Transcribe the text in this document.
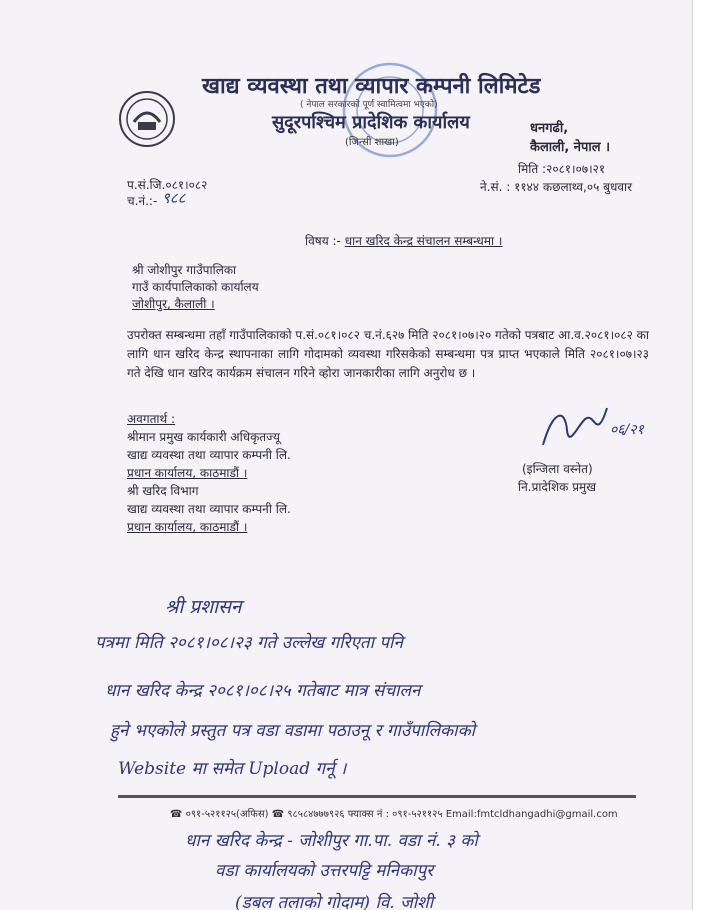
खाद्य व्यवस्था तथा व्यापार कम्पनी लिमिटेड
( नेपाल सरकारको पूर्ण स्वामित्वमा भएको)
सुदूरपश्चिम प्रादेशिक कार्यालय
(जिन्सी शाखा)
धनगढी,
कैलाली, नेपाल ।
मिति :२०८१।०७।२१
ने.सं. : ११४४ कछलाथ्व,०५ बुधवार
प.सं.जि.०८१।०८२
च.नं.:- ९८८
विषय :- धान खरिद केन्द्र संचालन सम्बन्धमा ।
श्री जोशीपुर गाउँपालिका
गाउँ कार्यपालिकाको कार्यालय
जोशीपुर, कैलाली ।
उपरोक्त सम्बन्धमा तहाँ गाउँपालिकाको प.सं.०८१।०८२ च.नं.६२७ मिति २०८१।०७।२० गतेको पत्रबाट आ.व.२०८१।०८२ का लागि धान खरिद केन्द्र स्थापनाका लागि गोदामको व्यवस्था गरिसकेको सम्बन्धमा पत्र प्राप्त भएकाले मिति २०८१।०७।२३ गते देखि धान खरिद कार्यक्रम संचालन गरिने व्होरा जानकारीका लागि अनुरोध छ ।
अवगतार्थ :
श्रीमान प्रमुख कार्यकारी अधिकृतज्यू
खाद्य व्यवस्था तथा व्यापार कम्पनी लि.
प्रधान कार्यालय, काठमाडौं ।
श्री खरिद विभाग
खाद्य व्यवस्था तथा व्यापार कम्पनी लि.
प्रधान कार्यालय, काठमाडौं ।
०६/२१
(इन्जिला वस्नेत)
नि.प्रादेशिक प्रमुख
श्री प्रशासन
पत्रमा मिति २०८१।०८।२३ गते उल्लेख गरिएता पनि
धान खरिद केन्द्र २०८१।०८।२५ गतेबाट मात्र संचालन
हुने भएकोले प्रस्तुत पत्र वडा वडामा पठाउनू र गाउँपालिकाको
Website मा समेत Upload गर्नू ।
☎ ०९१-५२११२५(अफिस) ☎ ९८५८४७७७९२६ फ्याक्स नं : ०९१-५२११२५ Email:fmtcldhangadhi@gmail.com
धान खरिद केन्द्र - जोशीपुर गा.पा. वडा नं. ३ को
वडा कार्यालयको उत्तरपट्टि मनिकापुर
(डबल तलाको गोदाम) वि. जोशी
